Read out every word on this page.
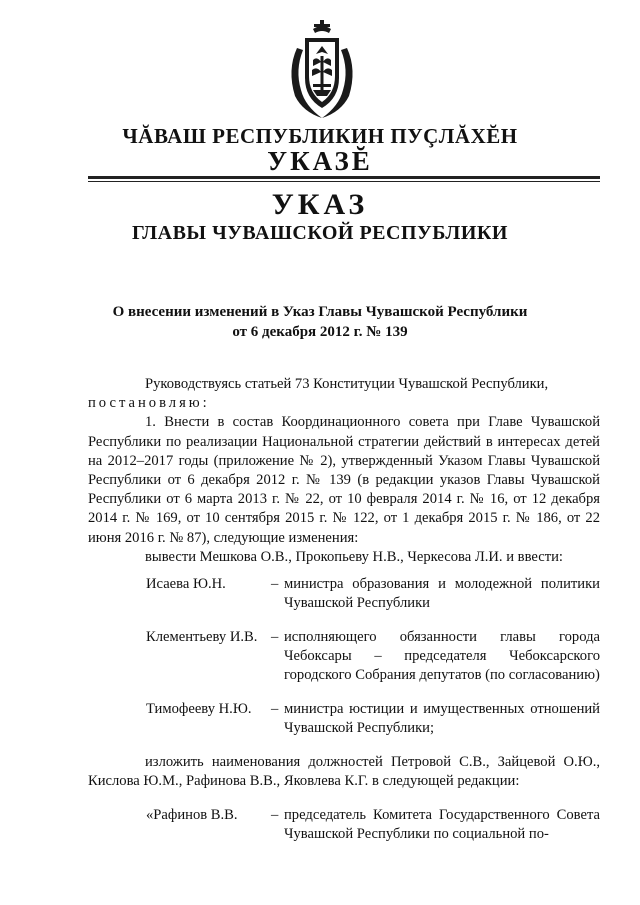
ЧĂВАШ РЕСПУБЛИКИН ПУÇЛĂХĔН
УКАЗĔ
УКАЗ
ГЛАВЫ ЧУВАШСКОЙ РЕСПУБЛИКИ
О внесении изменений в Указ Главы Чувашской Республики
от 6 декабря 2012 г. № 139

Руководствуясь статьей 73 Конституции Чувашской Республики,

постановляю:

1. Внести в состав Координационного совета при Главе Чувашской Республики по реализации Национальной стратегии действий в интересах детей на 2012–2017 годы (приложение № 2), утвержденный Указом Главы Чувашской Республики от 6 декабря 2012 г. № 139 (в редакции указов Главы Чувашской Республики от 6 марта 2013 г. № 22, от 10 февраля 2014 г. № 16, от 12 декабря 2014 г. № 169, от 10 сентября 2015 г. № 122, от 1 декабря 2015 г. № 186, от 22 июня 2016 г. № 87), следующие изменения:

вывести Мешкова О.В., Прокопьеву Н.В., Черкесова Л.И. и ввести:

Исаева Ю.Н.	– министра образования и молодежной политики Чувашской Республики
Клементьеву И.В. – исполняющего обязанности главы города Чебоксары – председателя Чебоксарского городского Собрания депутатов (по согласованию)
Тимофееву Н.Ю. – министра юстиции и имущественных отношений Чувашской Республики;

изложить наименования должностей Петровой С.В., Зайцевой О.Ю., Кислова Ю.М., Рафинова В.В., Яковлева К.Г. в следующей редакции:

«Рафинов В.В. – председатель Комитета Государственного Совета Чувашской Республики по социальной по-
